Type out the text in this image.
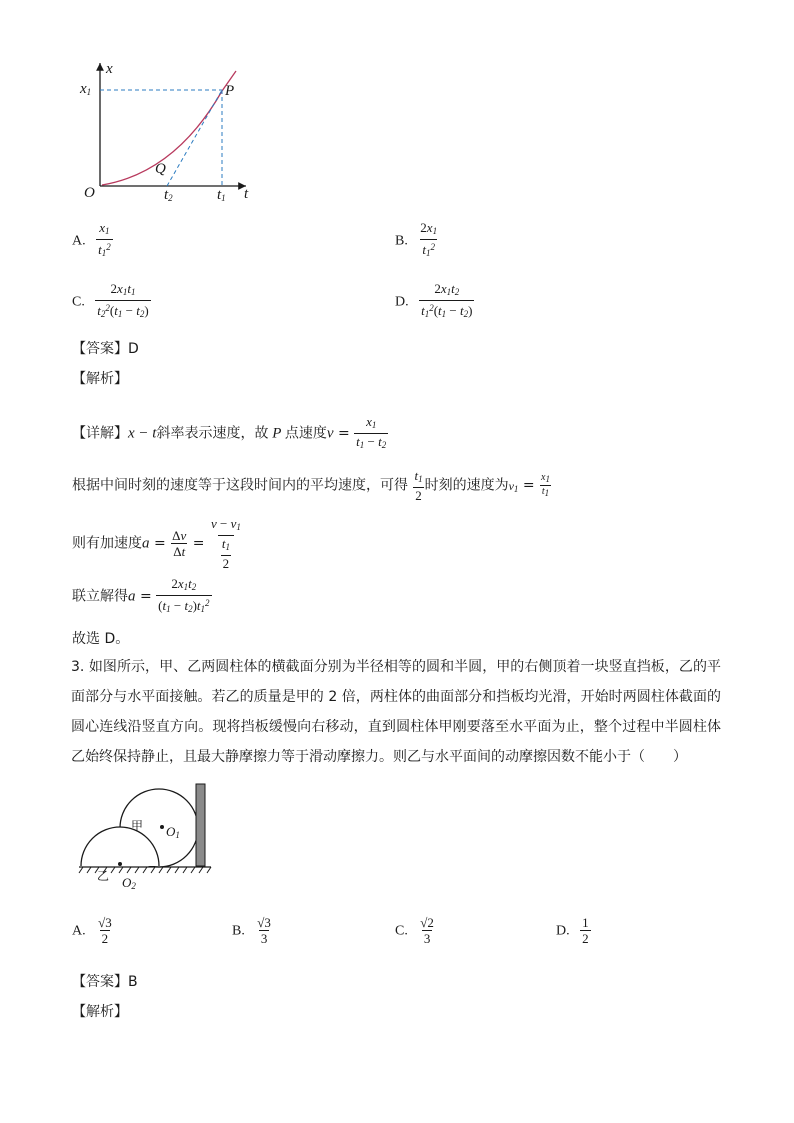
x
$x_1$	P
Q
O	$t_2$	$t_1$ t
A. $\frac{x_1}{t_1^2}$	B. $\frac{2x_1}{t_1^2}$
C. $\frac{2x_1t_1}{t_2^2(t_1 - t_2)}$	D. $\frac{2x_1t_2}{t_1^2(t_1 - t_2)}$
【答案】D
【解析】
【详解】x − t斜率表示速度，故 P 点速度$v = \frac{x_1}{t_1 - t_2}$
根据中间时刻的速度等于这段时间内的平均速度，可得 $\frac{t_1}{2}$ 时刻的速度为$v_1 = \frac{x_1}{t_1}$
则有加速度$a = \frac{\Delta v}{\Delta t} = \frac{v - v_1}{\frac{t_1}{2}}$
联立解得$a = \frac{2x_1t_2}{(t_1 - t_2)t_1^2}$
故选 D。
3. 如图所示，甲、乙两圆柱体的横截面分别为半径相等的圆和半圆，甲的右侧顶着一块竖直挡板，乙的平面部分与水平面接触。若乙的质量是甲的 2 倍，两柱体的曲面部分和挡板均光滑，开始时两圆柱体截面的圆心连线沿竖直方向。现将挡板缓慢向右移动，直到圆柱体甲刚要落至水平面为止，整个过程中半圆柱体乙始终保持静止，且最大静摩擦力等于滑动摩擦力。则乙与水平面间的动摩擦因数不能小于（　　）
甲
乙
$O_1$
$O_2$
A. $\frac{√3}{2}$	B. $\frac{√3}{3}$	C. $\frac{√2}{3}$	D. $\frac{1}{2}$
【答案】B
【解析】
